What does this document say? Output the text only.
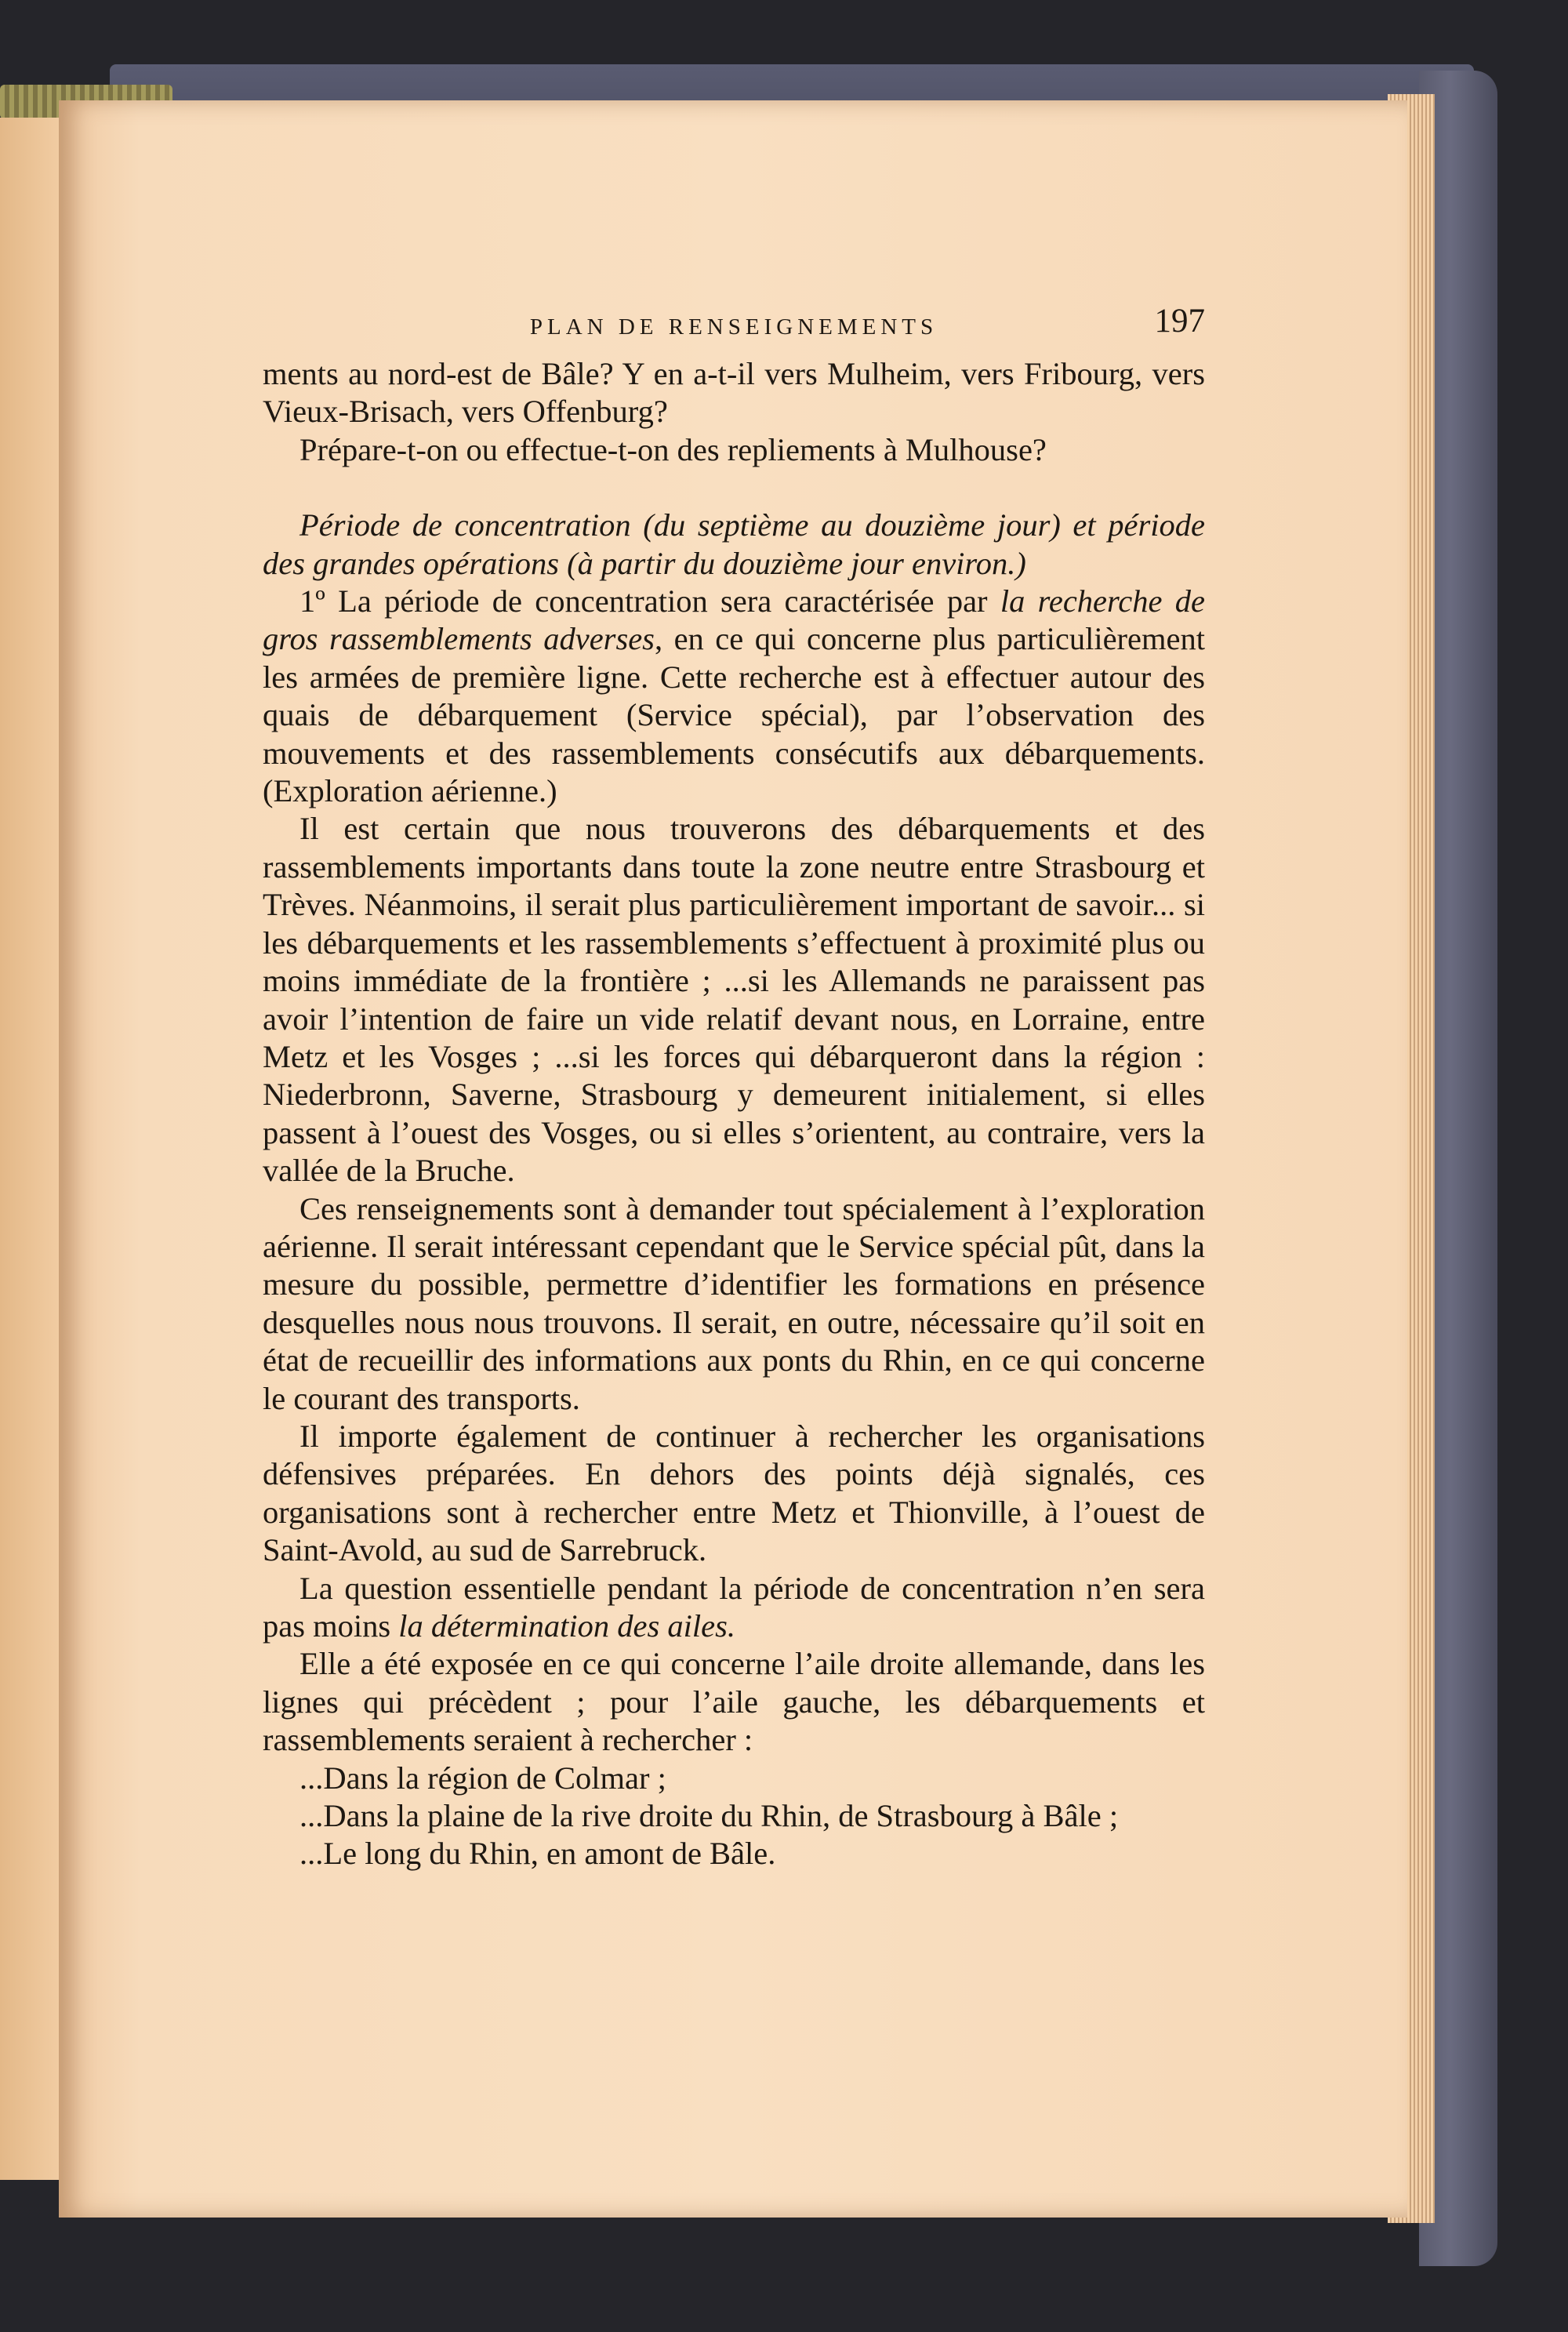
PLAN DE RENSEIGNEMENTS	197

ments au nord-est de Bâle? Y en a-t-il vers Mulheim, vers Fribourg, vers Vieux-Brisach, vers Offenburg?

Prépare-t-on ou effectue-t-on des repliements à Mulhouse?

Période de concentration (du septième au douzième jour) et période des grandes opérations (à partir du douzième jour environ.)

1º La période de concentration sera caractérisée par la recherche de gros rassemblements adverses, en ce qui concerne plus particulièrement les armées de première ligne. Cette recherche est à effectuer autour des quais de débarquement (Service spécial), par l’observation des mouvements et des rassemblements consécutifs aux débarquements. (Exploration aérienne.)

Il est certain que nous trouverons des débarquements et des rassemblements importants dans toute la zone neutre entre Strasbourg et Trèves. Néanmoins, il serait plus particulièrement important de savoir... si les débarquements et les rassemblements s’effectuent à proximité plus ou moins immédiate de la frontière ; ...si les Allemands ne paraissent pas avoir l’intention de faire un vide relatif devant nous, en Lorraine, entre Metz et les Vosges ; ...si les forces qui débarqueront dans la région : Niederbronn, Saverne, Strasbourg y demeurent initialement, si elles passent à l’ouest des Vosges, ou si elles s’orientent, au contraire, vers la vallée de la Bruche.

Ces renseignements sont à demander tout spécialement à l’exploration aérienne. Il serait intéressant cependant que le Service spécial pût, dans la mesure du possible, permettre d’identifier les formations en présence desquelles nous nous trouvons. Il serait, en outre, nécessaire qu’il soit en état de recueillir des informations aux ponts du Rhin, en ce qui concerne le courant des transports.

Il importe également de continuer à rechercher les organisations défensives préparées. En dehors des points déjà signalés, ces organisations sont à rechercher entre Metz et Thionville, à l’ouest de Saint-Avold, au sud de Sarrebruck.

La question essentielle pendant la période de concentration n’en sera pas moins la détermination des ailes.

Elle a été exposée en ce qui concerne l’aile droite allemande, dans les lignes qui précèdent ; pour l’aile gauche, les débarquements et rassemblements seraient à rechercher :

...Dans la région de Colmar ;

...Dans la plaine de la rive droite du Rhin, de Strasbourg à Bâle ;

...Le long du Rhin, en amont de Bâle.
